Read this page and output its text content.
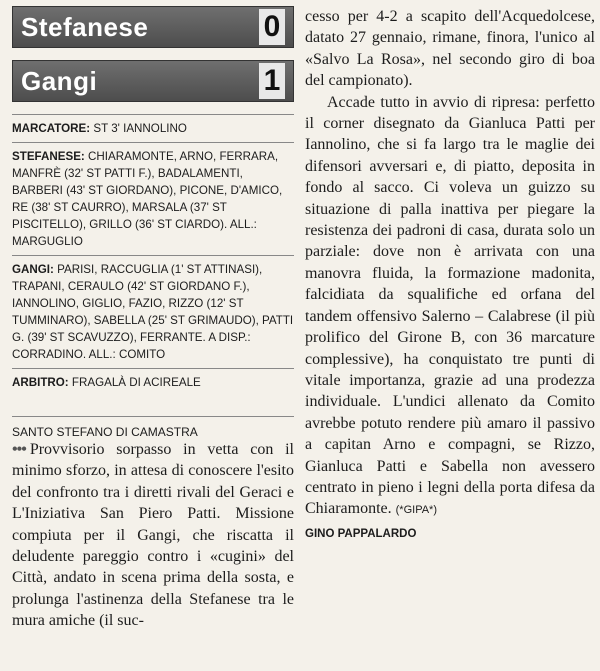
Stefanese	0
Gangi	1
MARCATORE: ST 3' IANNOLINO
STEFANESE: CHIARAMONTE, ARNO, FERRARA, MANFRÈ (32' ST PATTI F.), BADALAMENTI, BARBERI (43' ST GIORDANO), PICONE, D'AMICO, RE (38' ST CAURRO), MARSALA (37' ST PISCITELLO), GRILLO (36' ST CIARDO). ALL.: MARGUGLIO
GANGI: PARISI, RACCUGLIA (1' ST ATTINASI), TRAPANI, CERAULO (42' ST GIORDANO F.), IANNOLINO, GIGLIO, FAZIO, RIZZO (12' ST TUMMINARO), SABELLA (25' ST GRIMAUDO), PATTI G. (39' ST SCAVUZZO), FERRANTE. A DISP.: CORRADINO. ALL.: COMITO
ARBITRO: FRAGALÀ DI ACIREALE
SANTO STEFANO DI CAMASTRA

••• Provvisorio sorpasso in vetta con il minimo sforzo, in attesa di conoscere l'esito del confronto tra i diretti rivali del Geraci e L'Iniziativa San Piero Patti. Missione compiuta per il Gangi, che riscatta il deludente pareggio contro i «cugini» del Città, andato in scena prima della sosta, e prolunga l'astinenza della Stefanese tra le mura amiche (il suc-

cesso per 4-2 a scapito dell'Acquedolcese, datato 27 gennaio, rimane, finora, l'unico al «Salvo La Rosa», nel secondo giro di boa del campionato).

Accade tutto in avvio di ripresa: perfetto il corner disegnato da Gianluca Patti per Iannolino, che si fa largo tra le maglie dei difensori avversari e, di piatto, deposita in fondo al sacco. Ci voleva un guizzo su situazione di palla inattiva per piegare la resistenza dei padroni di casa, durata solo un parziale: dove non è arrivata con una manovra fluida, la formazione madonita, falcidiata da squalifiche ed orfana del tandem offensivo Salerno – Calabrese (il più prolifico del Girone B, con 36 marcature complessive), ha conquistato tre punti di vitale importanza, grazie ad una prodezza individuale. L'undici allenato da Comito avrebbe potuto rendere più amaro il passivo a capitan Arno e compagni, se Rizzo, Gianluca Patti e Sabella non avessero centrato in pieno i legni della porta difesa da Chiaramonte. (*GIPA*)

GINO PAPPALARDO
